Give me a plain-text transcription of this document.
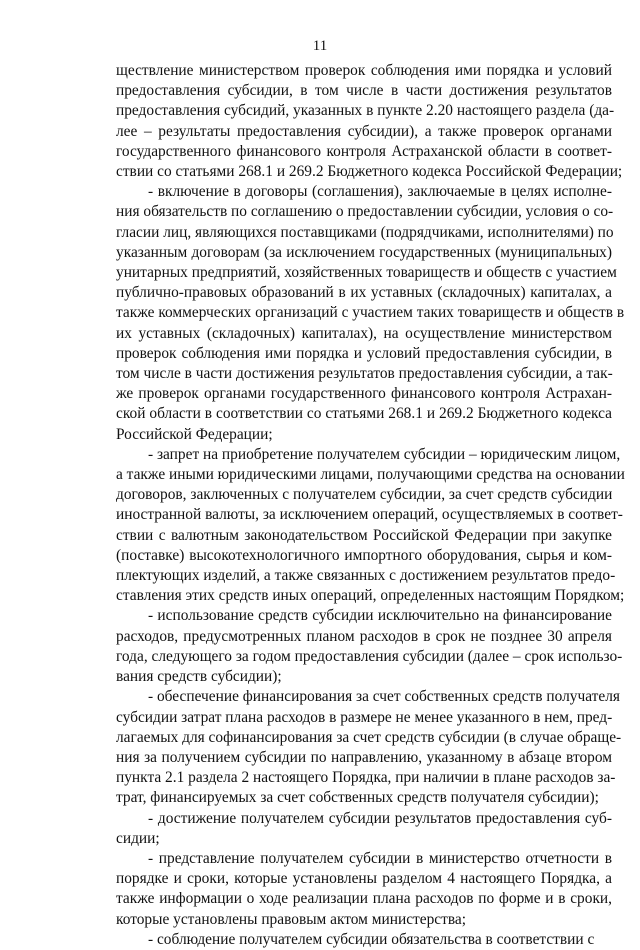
11
ществление министерством проверок соблюдения ими порядка и условий
предоставления субсидии, в том числе в части достижения результатов
предоставления субсидий, указанных в пункте 2.20 настоящего раздела (да-
лее – результаты предоставления субсидии), а также проверок органами
государственного финансового контроля Астраханской области в соответ-
ствии со статьями 268.1 и 269.2 Бюджетного кодекса Российской Федерации;
- включение в договоры (соглашения), заключаемые в целях исполне-
ния обязательств по соглашению о предоставлении субсидии, условия о со-
гласии лиц, являющихся поставщиками (подрядчиками, исполнителями) по
указанным договорам (за исключением государственных (муниципальных)
унитарных предприятий, хозяйственных товариществ и обществ с участием
публично-правовых образований в их уставных (складочных) капиталах, а
также коммерческих организаций с участием таких товариществ и обществ в
их уставных (складочных) капиталах), на осуществление министерством
проверок соблюдения ими порядка и условий предоставления субсидии, в
том числе в части достижения результатов предоставления субсидии, а так-
же проверок органами государственного финансового контроля Астрахан-
ской области в соответствии со статьями 268.1 и 269.2 Бюджетного кодекса
Российской Федерации;
- запрет на приобретение получателем субсидии – юридическим лицом,
а также иными юридическими лицами, получающими средства на основании
договоров, заключенных с получателем субсидии, за счет средств субсидии
иностранной валюты, за исключением операций, осуществляемых в соответ-
ствии с валютным законодательством Российской Федерации при закупке
(поставке) высокотехнологичного импортного оборудования, сырья и ком-
плектующих изделий, а также связанных с достижением результатов предо-
ставления этих средств иных операций, определенных настоящим Порядком;
- использование средств субсидии исключительно на финансирование
расходов, предусмотренных планом расходов в срок не позднее 30 апреля
года, следующего за годом предоставления субсидии (далее – срок использо-
вания средств субсидии);
- обеспечение финансирования за счет собственных средств получателя
субсидии затрат плана расходов в размере не менее указанного в нем, пред-
лагаемых для софинансирования за счет средств субсидии (в случае обраще-
ния за получением субсидии по направлению, указанному в абзаце втором
пункта 2.1 раздела 2 настоящего Порядка, при наличии в плане расходов за-
трат, финансируемых за счет собственных средств получателя субсидии);
- достижение получателем субсидии результатов предоставления суб-
сидии;
- представление получателем субсидии в министерство отчетности в
порядке и сроки, которые установлены разделом 4 настоящего Порядка, а
также информации о ходе реализации плана расходов по форме и в сроки,
которые установлены правовым актом министерства;
- соблюдение получателем субсидии обязательства в соответствии с
